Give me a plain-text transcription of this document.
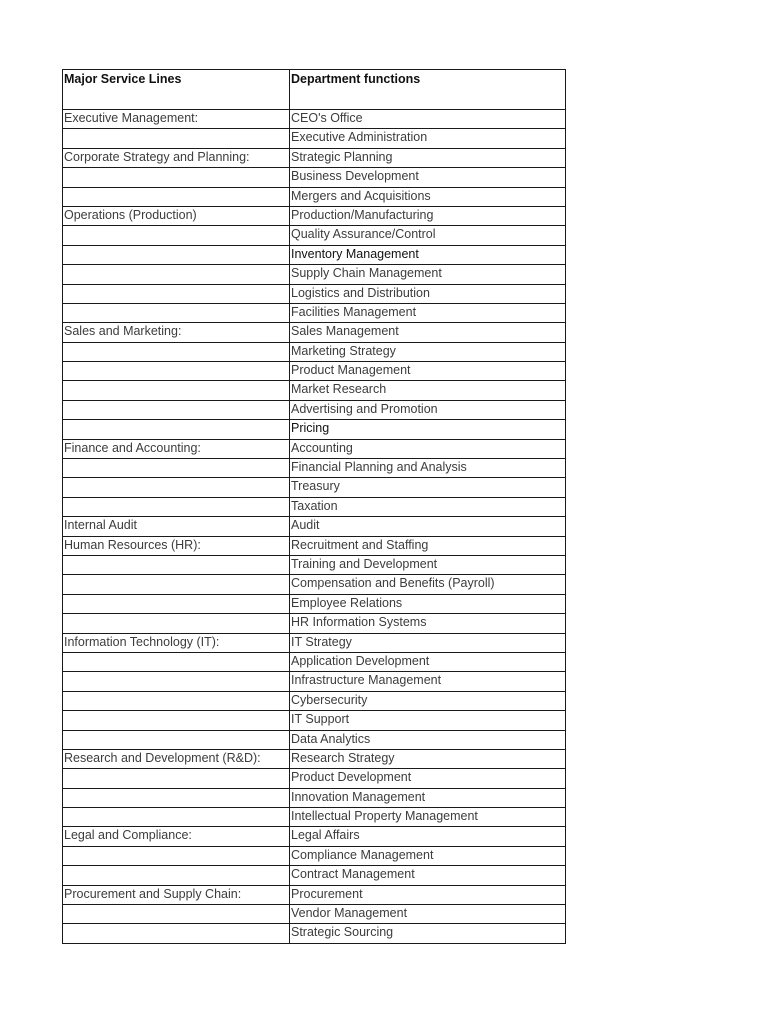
Major Service Lines	Department functions
Executive Management:	CEO's Office
	Executive Administration
Corporate Strategy and Planning:	Strategic Planning
	Business Development
	Mergers and Acquisitions
Operations (Production)	Production/Manufacturing
	Quality Assurance/Control
	Inventory Management
	Supply Chain Management
	Logistics and Distribution
	Facilities Management
Sales and Marketing:	Sales Management
	Marketing Strategy
	Product Management
	Market Research
	Advertising and Promotion
	Pricing
Finance and Accounting:	Accounting
	Financial Planning and Analysis
	Treasury
	Taxation
Internal Audit	Audit
Human Resources (HR):	Recruitment and Staffing
	Training and Development
	Compensation and Benefits (Payroll)
	Employee Relations
	HR Information Systems
Information Technology (IT):	IT Strategy
	Application Development
	Infrastructure Management
	Cybersecurity
	IT Support
	Data Analytics
Research and Development (R&D):	Research Strategy
	Product Development
	Innovation Management
	Intellectual Property Management
Legal and Compliance:	Legal Affairs
	Compliance Management
	Contract Management
Procurement and Supply Chain:	Procurement
	Vendor Management
	Strategic Sourcing
